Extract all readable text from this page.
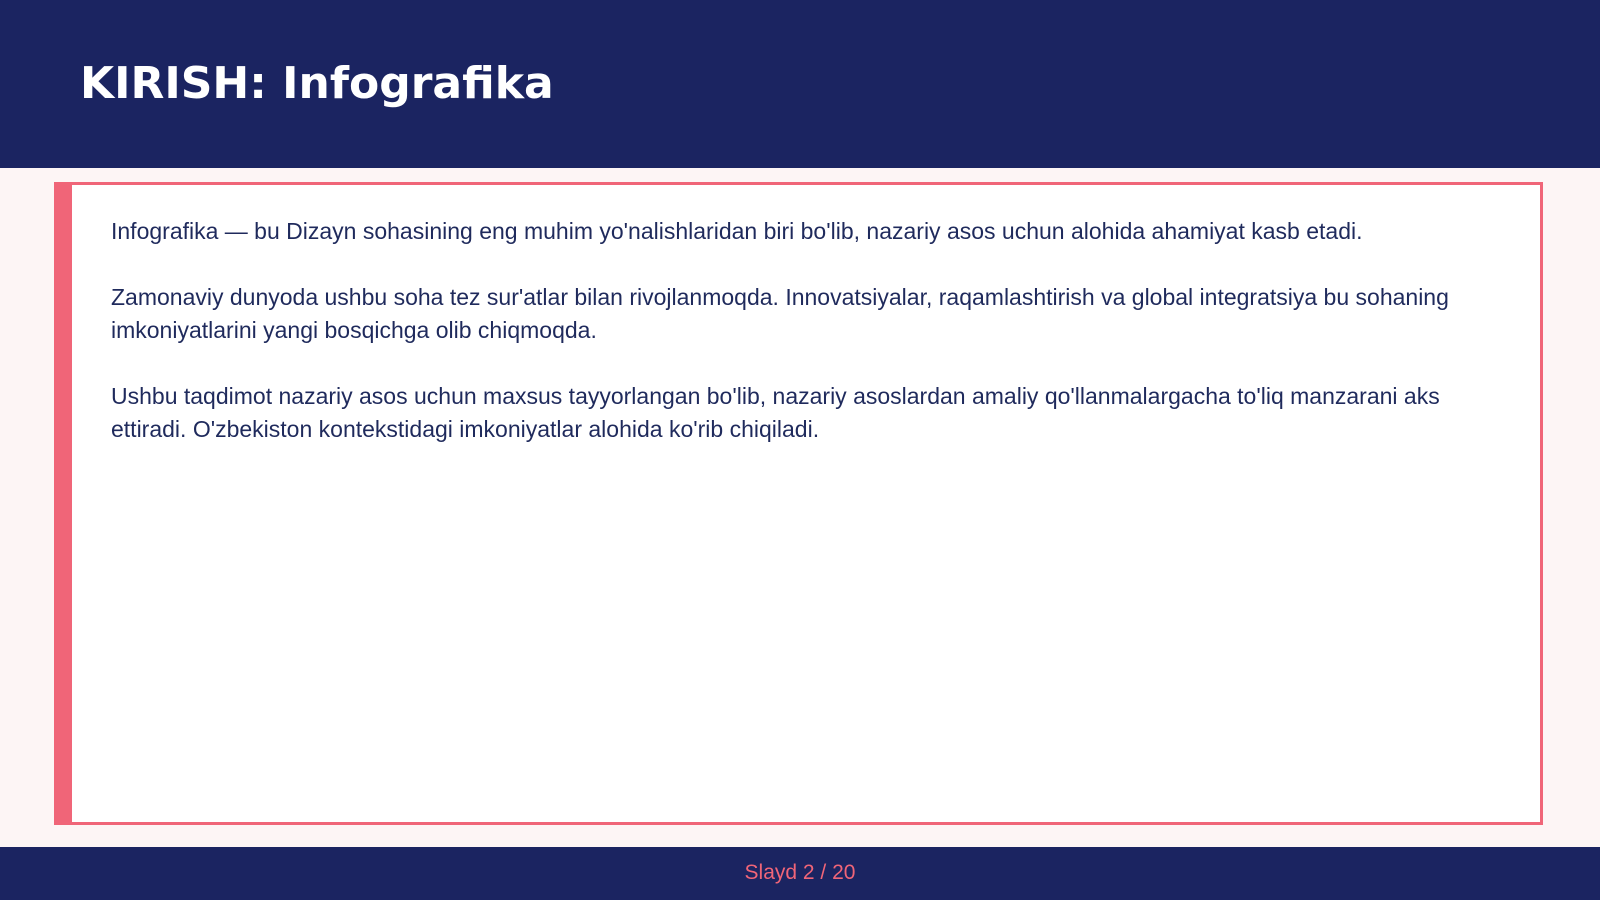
KIRISH: Infografika

Infografika — bu Dizayn sohasining eng muhim yo'nalishlaridan biri bo'lib, nazariy asos uchun alohida ahamiyat kasb etadi.

Zamonaviy dunyoda ushbu soha tez sur'atlar bilan rivojlanmoqda. Innovatsiyalar, raqamlashtirish va global integratsiya bu sohaning imkoniyatlarini yangi bosqichga olib chiqmoqda.

Ushbu taqdimot nazariy asos uchun maxsus tayyorlangan bo'lib, nazariy asoslardan amaliy qo'llanmalargacha to'liq manzarani aks ettiradi. O'zbekiston kontekstidagi imkoniyatlar alohida ko'rib chiqiladi.

Slayd 2 / 20
